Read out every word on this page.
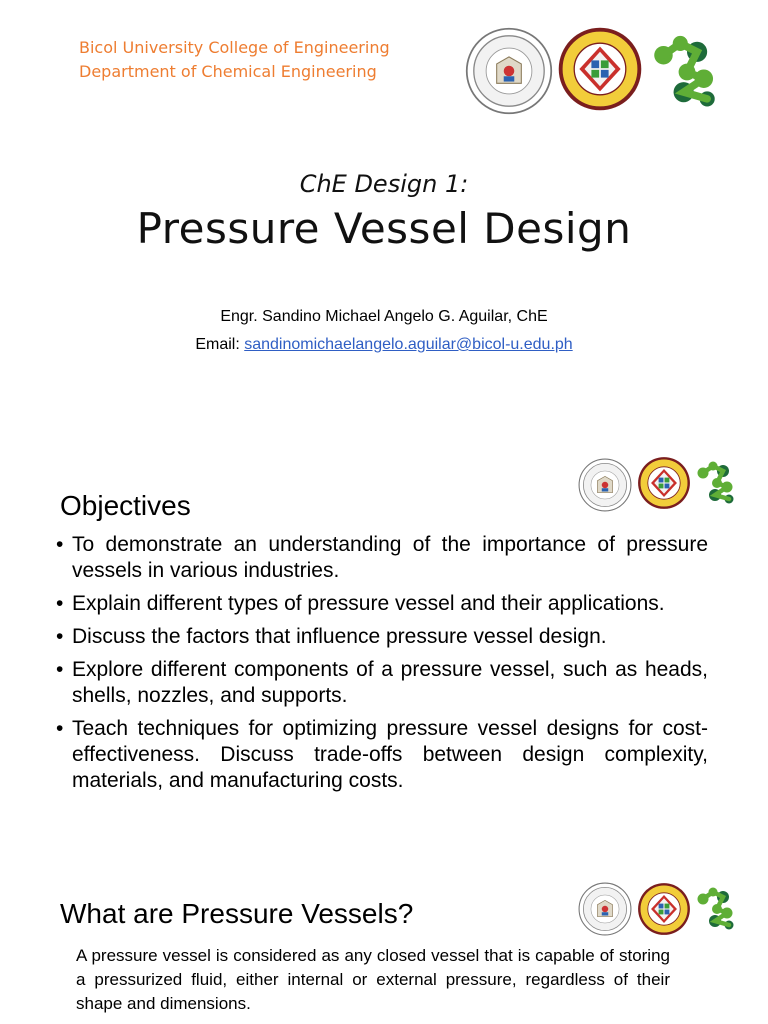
Bicol University College of Engineering
Department of Chemical Engineering
ChE Design 1:
Pressure Vessel Design
Engr. Sandino Michael Angelo G. Aguilar, ChE
Email: sandinomichaelangelo.aguilar@bicol-u.edu.ph
Objectives
• To demonstrate an understanding of the importance of pressure vessels in various industries.
• Explain different types of pressure vessel and their applications.
• Discuss the factors that influence pressure vessel design.
• Explore different components of a pressure vessel, such as heads, shells, nozzles, and supports.
• Teach techniques for optimizing pressure vessel designs for cost-effectiveness. Discuss trade-offs between design complexity, materials, and manufacturing costs.
What are Pressure Vessels?
A pressure vessel is considered as any closed vessel that is capable of storing a pressurized fluid, either internal or external pressure, regardless of their shape and dimensions.
